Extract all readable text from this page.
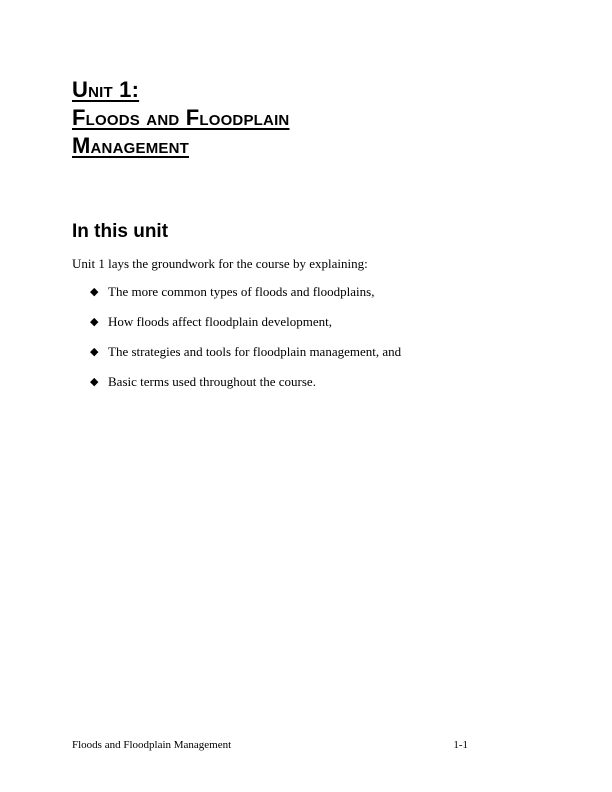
Unit 1:
Floods and Floodplain
Management
In this unit

Unit 1 lays the groundwork for the course by explaining:

◆ The more common types of floods and floodplains,
◆ How floods affect floodplain development,
◆ The strategies and tools for floodplain management, and
◆ Basic terms used throughout the course.
Floods and Floodplain Management	1-1
